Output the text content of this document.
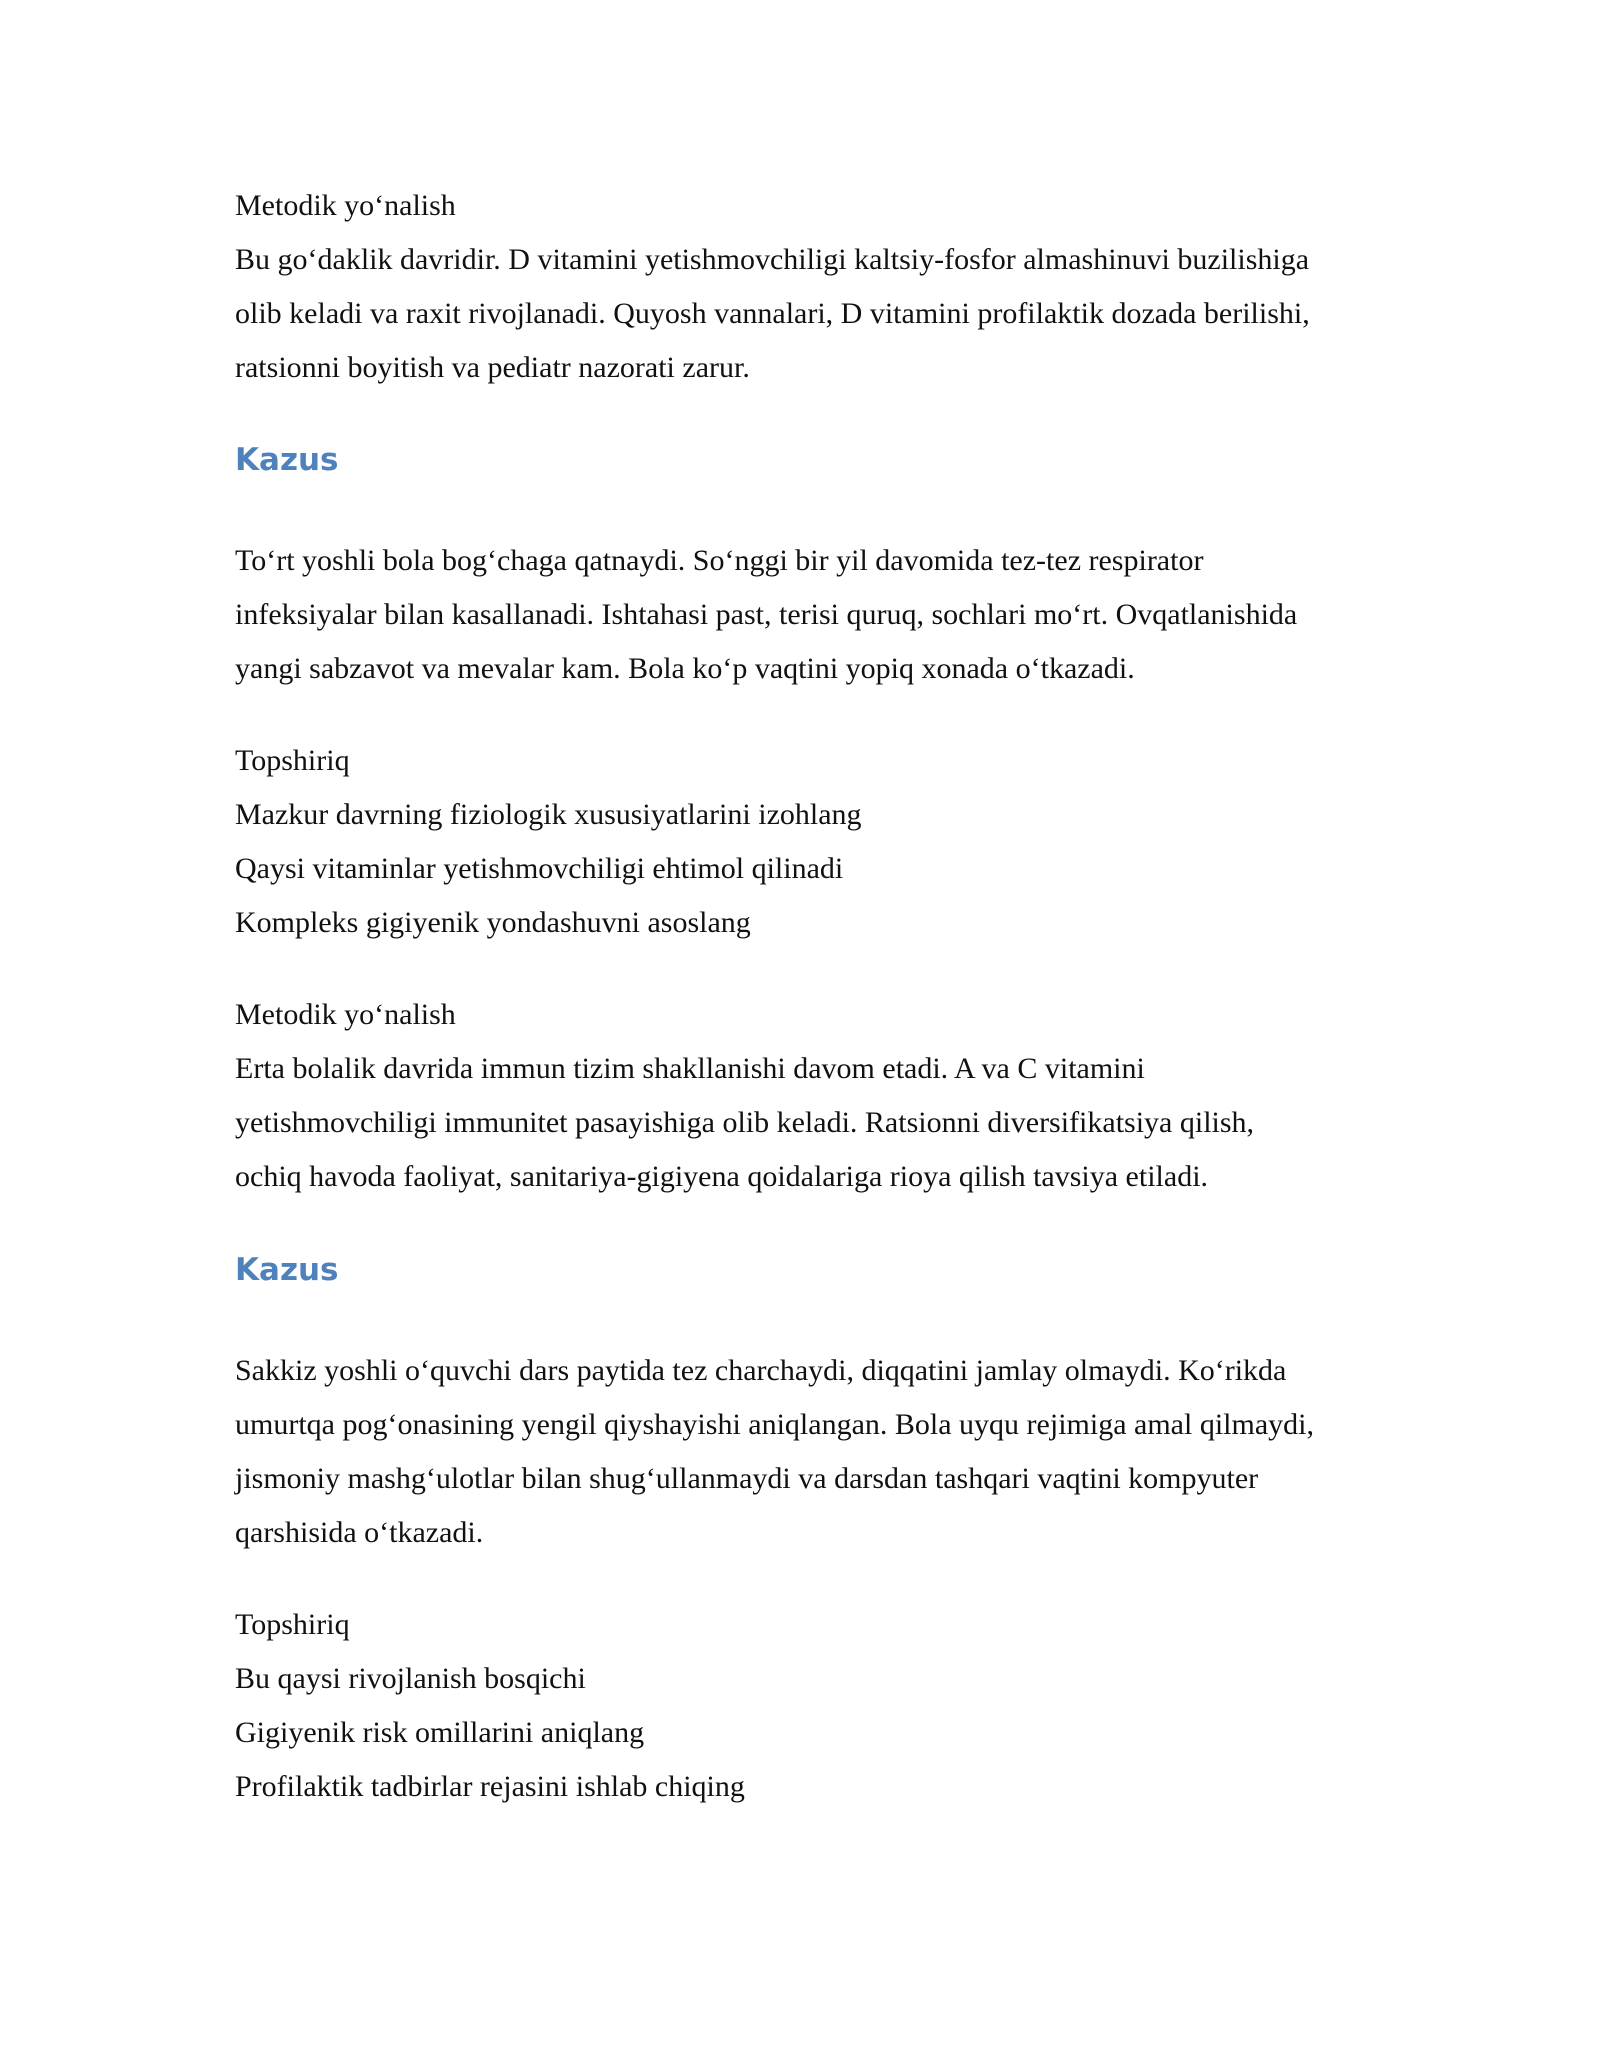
Metodik yo‘nalish
Bu go‘daklik davridir. D vitamini yetishmovchiligi kaltsiy-fosfor almashinuvi buzilishiga
olib keladi va raxit rivojlanadi. Quyosh vannalari, D vitamini profilaktik dozada berilishi,
ratsionni boyitish va pediatr nazorati zarur.
Kazus
To‘rt yoshli bola bog‘chaga qatnaydi. So‘nggi bir yil davomida tez-tez respirator
infeksiyalar bilan kasallanadi. Ishtahasi past, terisi quruq, sochlari mo‘rt. Ovqatlanishida
yangi sabzavot va mevalar kam. Bola ko‘p vaqtini yopiq xonada o‘tkazadi.
Topshiriq
Mazkur davrning fiziologik xususiyatlarini izohlang
Qaysi vitaminlar yetishmovchiligi ehtimol qilinadi
Kompleks gigiyenik yondashuvni asoslang
Metodik yo‘nalish
Erta bolalik davrida immun tizim shakllanishi davom etadi. A va C vitamini
yetishmovchiligi immunitet pasayishiga olib keladi. Ratsionni diversifikatsiya qilish,
ochiq havoda faoliyat, sanitariya-gigiyena qoidalariga rioya qilish tavsiya etiladi.
Kazus
Sakkiz yoshli o‘quvchi dars paytida tez charchaydi, diqqatini jamlay olmaydi. Ko‘rikda
umurtqa pog‘onasining yengil qiyshayishi aniqlangan. Bola uyqu rejimiga amal qilmaydi,
jismoniy mashg‘ulotlar bilan shug‘ullanmaydi va darsdan tashqari vaqtini kompyuter
qarshisida o‘tkazadi.
Topshiriq
Bu qaysi rivojlanish bosqichi
Gigiyenik risk omillarini aniqlang
Profilaktik tadbirlar rejasini ishlab chiqing
